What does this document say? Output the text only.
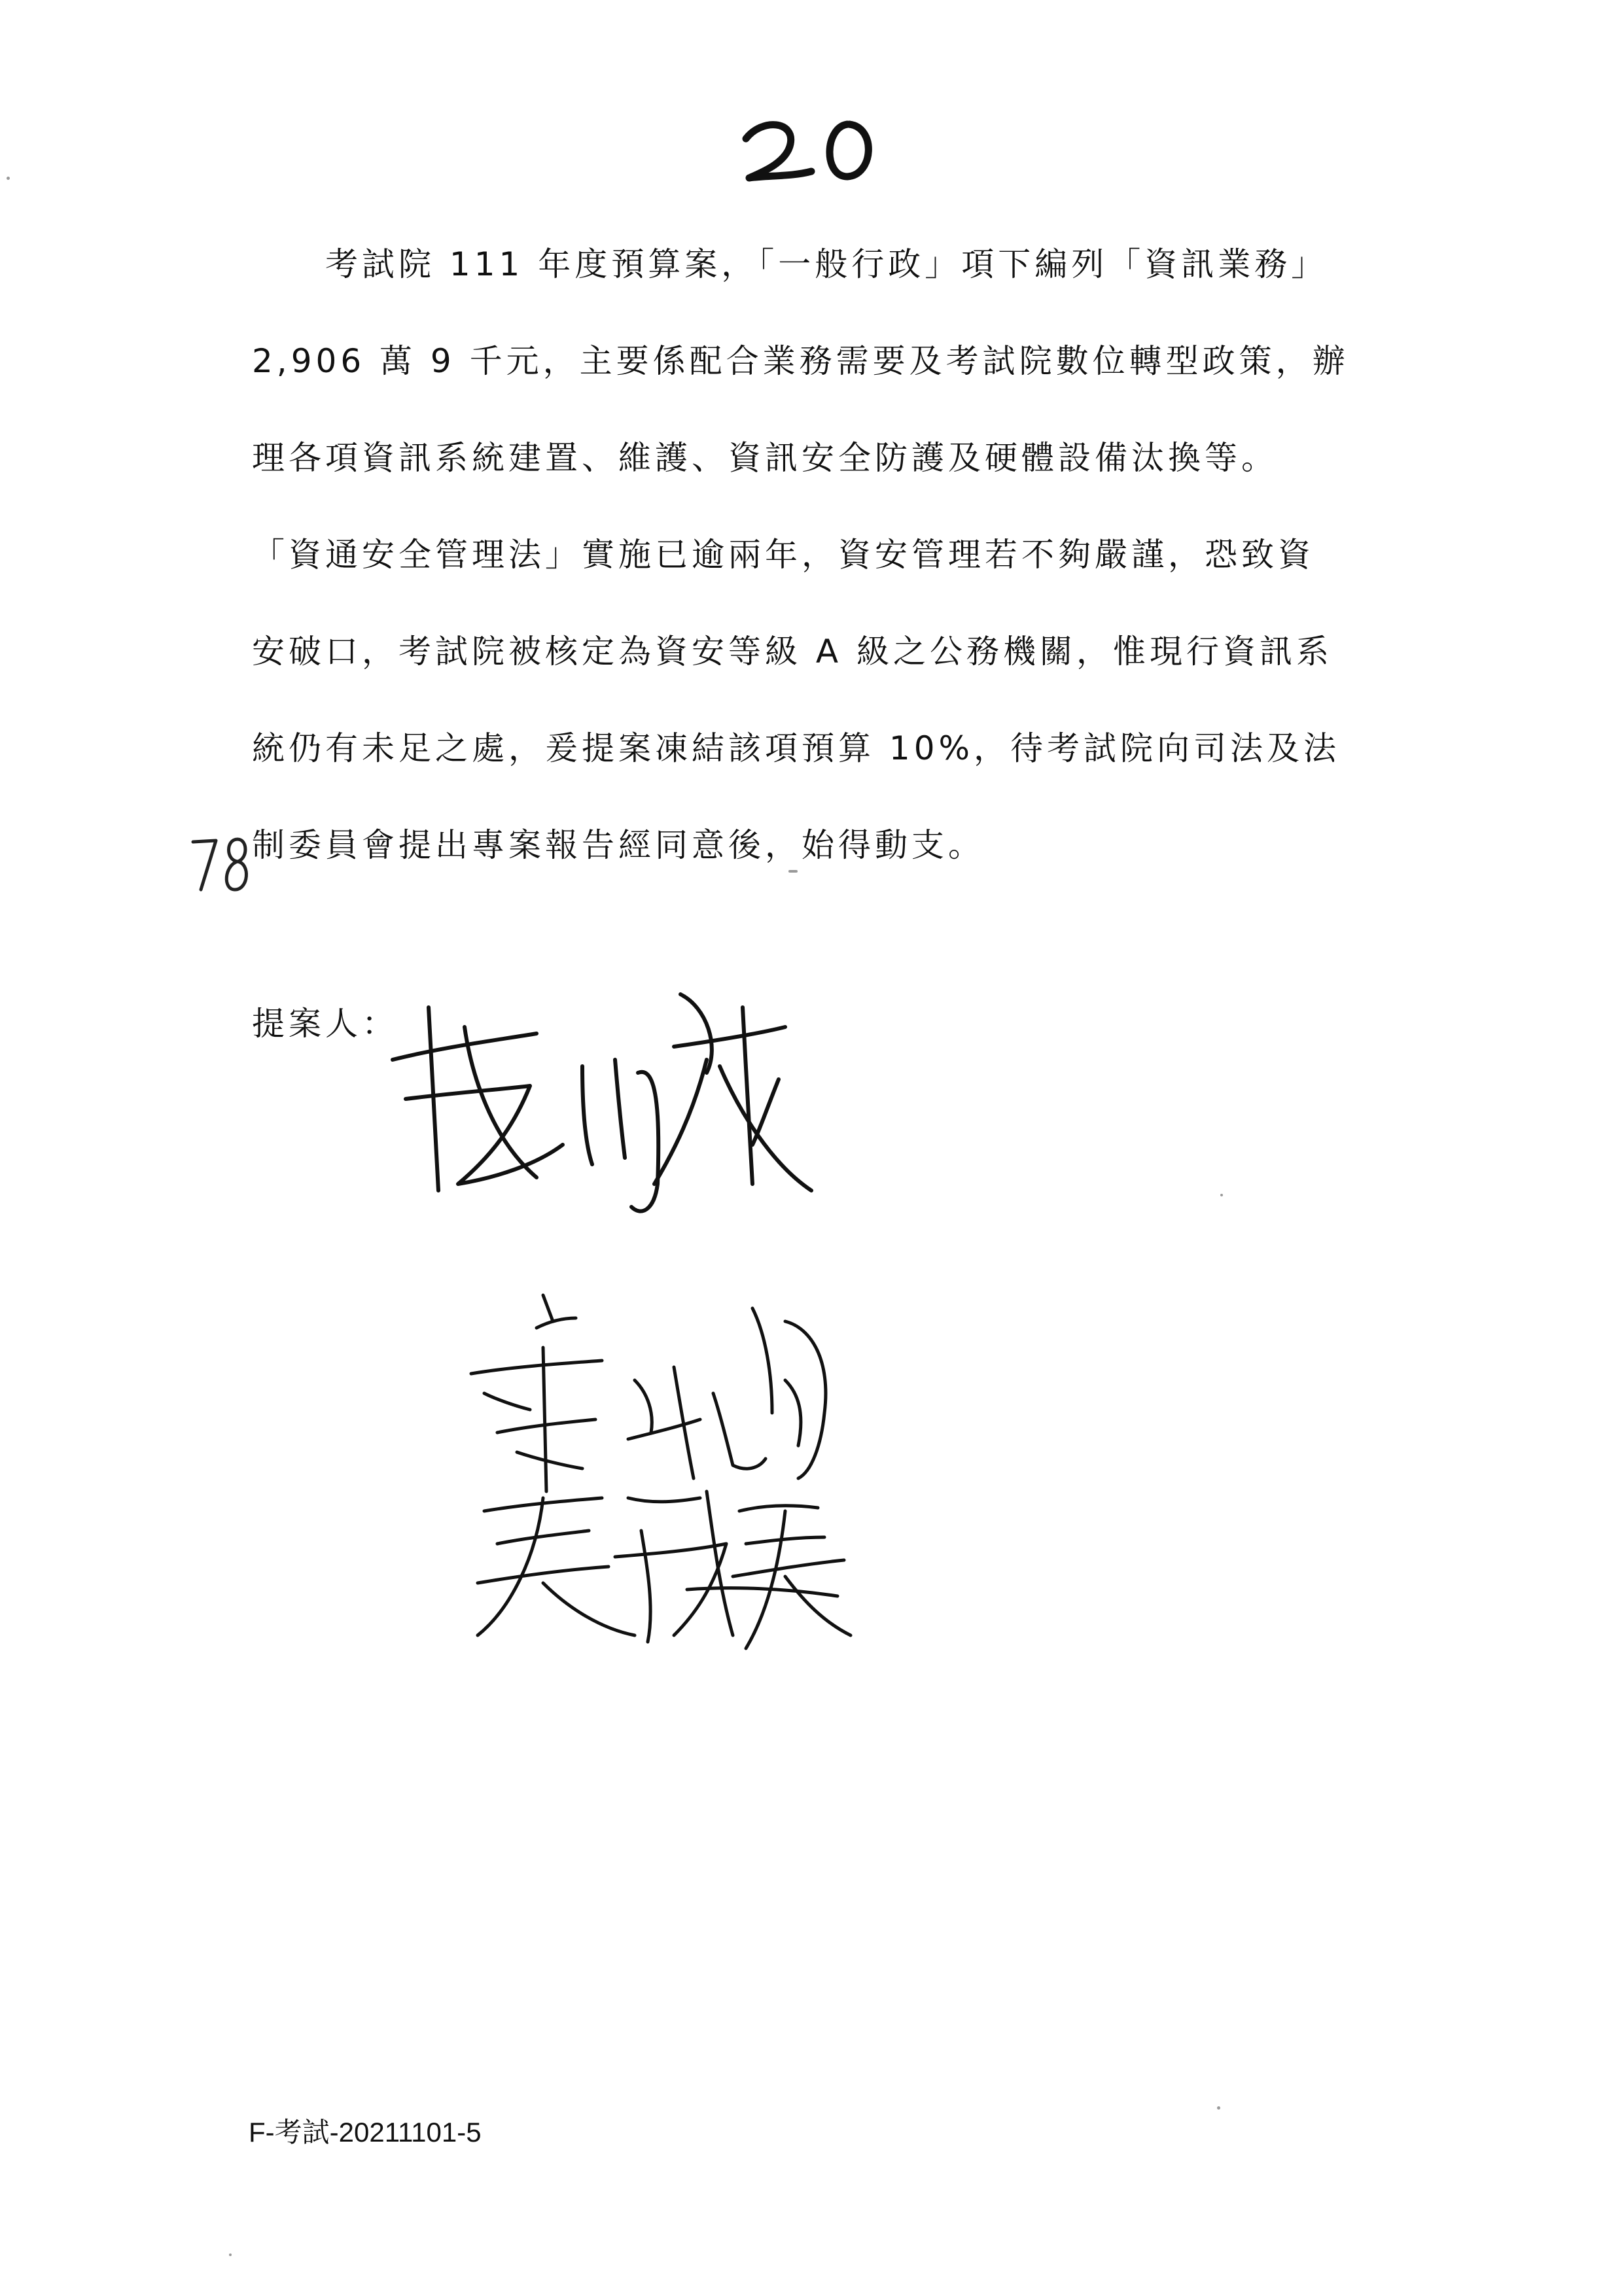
考試院 111 年度預算案，「一般行政」項下編列「資訊業務」
2,906 萬 9 千元，主要係配合業務需要及考試院數位轉型政策，辦
理各項資訊系統建置、維護、資訊安全防護及硬體設備汰換等。
「資通安全管理法」實施已逾兩年，資安管理若不夠嚴謹，恐致資
安破口，考試院被核定為資安等級 A 級之公務機關，惟現行資訊系
統仍有未足之處，爰提案凍結該項預算 10%，待考試院向司法及法
制委員會提出專案報告經同意後，始得動支。
提案人：
F-考試-20211101-5
